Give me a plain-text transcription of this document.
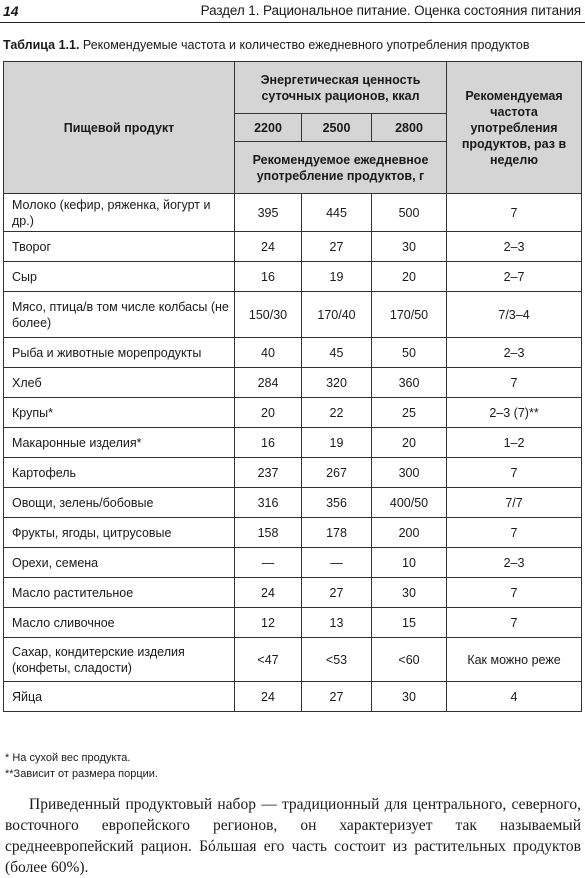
14	Раздел 1. Рациональное питание. Оценка состояния питания
Таблица 1.1. Рекомендуемые частота и количество ежедневного употребления продуктов
Пищевой продукт	Энергетическая ценность суточных рационов, ккал			Рекомендуемая частота употребления продуктов, раз в неделю
	2200	2500	2800	
	Рекомендуемое ежедневное употребление продуктов, г			
Молоко (кефир, ряженка, йогурт и др.)	395	445	500	7
Творог	24	27	30	2–3
Сыр	16	19	20	2–7
Мясо, птица/в том числе колбасы (не более)	150/30	170/40	170/50	7/3–4
Рыба и животные морепродукты	40	45	50	2–3
Хлеб	284	320	360	7
Крупы*	20	22	25	2–3 (7)**
Макаронные изделия*	16	19	20	1–2
Картофель	237	267	300	7
Овощи, зелень/бобовые	316	356	400/50	7/7
Фрукты, ягоды, цитрусовые	158	178	200	7
Орехи, семена	—	—	10	2–3
Масло растительное	24	27	30	7
Масло сливочное	12	13	15	7
Сахар, кондитерские изделия (конфеты, сладости)	<47	<53	<60	Как можно реже
Яйца	24	27	30	4
* На сухой вес продукта.
**Зависит от размера порции.
Приведенный продуктовый набор — традиционный для центрального, северного, восточного европейского регионов, он характеризует так называемый среднеевропейский рацион. Бóльшая его часть состоит из растительных продуктов (более 60%).
